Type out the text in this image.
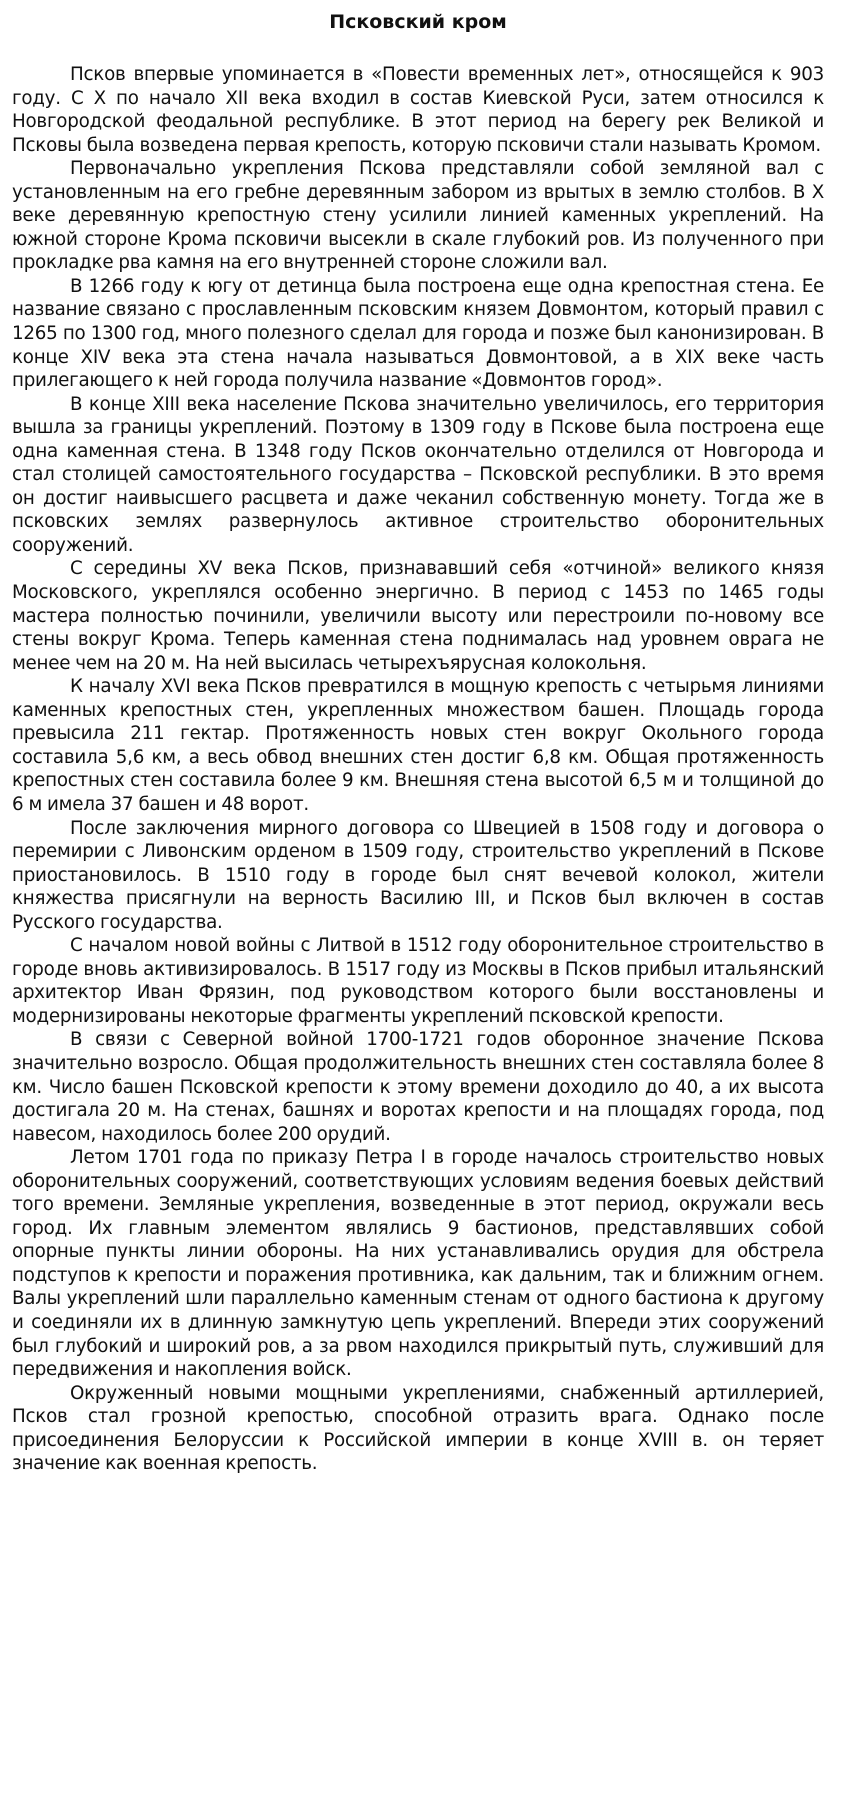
Псковский кром

Псков впервые упоминается в «Повести временных лет», относящейся к 903 году. С X по начало XII века входил в состав Киевской Руси, затем относился к Новгородской феодальной республике. В этот период на берегу рек Великой и Псковы была возведена первая крепость, которую псковичи стали называть Кромом.

Первоначально укрепления Пскова представляли собой земляной вал с установленным на его гребне деревянным забором из врытых в землю столбов. В X веке деревянную крепостную стену усилили линией каменных укреплений. На южной стороне Крома псковичи высекли в скале глубокий ров. Из полученного при прокладке рва камня на его внутренней стороне сложили вал.

В 1266 году к югу от детинца была построена еще одна крепостная стена. Ее название связано с прославленным псковским князем Довмонтом, который правил с 1265 по 1300 год, много полезного сделал для города и позже был канонизирован. В конце XIV века эта стена начала называться Довмонтовой, а в XIX веке часть прилегающего к ней города получила название «Довмонтов город».

В конце XIII века население Пскова значительно увеличилось, его территория вышла за границы укреплений. Поэтому в 1309 году в Пскове была построена еще одна каменная стена. В 1348 году Псков окончательно отделился от Новгорода и стал столицей самостоятельного государства – Псковской республики. В это время он достиг наивысшего расцвета и даже чеканил собственную монету. Тогда же в псковских землях развернулось активное строительство оборонительных сооружений.

С середины XV века Псков, признававший себя «отчиной» великого князя Московского, укреплялся особенно энергично. В период с 1453 по 1465 годы мастера полностью починили, увеличили высоту или перестроили по-новому все стены вокруг Крома. Теперь каменная стена поднималась над уровнем оврага не менее чем на 20 м. На ней высилась четырехъярусная колокольня.

К началу XVI века Псков превратился в мощную крепость с четырьмя линиями каменных крепостных стен, укрепленных множеством башен. Площадь города превысила 211 гектар. Протяженность новых стен вокруг Окольного города составила 5,6 км, а весь обвод внешних стен достиг 6,8 км. Общая протяженность крепостных стен составила более 9 км. Внешняя стена высотой 6,5 м и толщиной до 6 м имела 37 башен и 48 ворот.

После заключения мирного договора со Швецией в 1508 году и договора о перемирии с Ливонским орденом в 1509 году, строительство укреплений в Пскове приостановилось. В 1510 году в городе был снят вечевой колокол, жители княжества присягнули на верность Василию III, и Псков был включен в состав Русского государства.

С началом новой войны с Литвой в 1512 году оборонительное строительство в городе вновь активизировалось. В 1517 году из Москвы в Псков прибыл итальянский архитектор Иван Фрязин, под руководством которого были восстановлены и модернизированы некоторые фрагменты укреплений псковской крепости.

В связи с Северной войной 1700-1721 годов оборонное значение Пскова значительно возросло. Общая продолжительность внешних стен составляла более 8 км. Число башен Псковской крепости к этому времени доходило до 40, а их высота достигала 20 м. На стенах, башнях и воротах крепости и на площадях города, под навесом, находилось более 200 орудий.

Летом 1701 года по приказу Петра I в городе началось строительство новых оборонительных сооружений, соответствующих условиям ведения боевых действий того времени. Земляные укрепления, возведенные в этот период, окружали весь город. Их главным элементом являлись 9 бастионов, представлявших собой опорные пункты линии обороны. На них устанавливались орудия для обстрела подступов к крепости и поражения противника, как дальним, так и ближним огнем. Валы укреплений шли параллельно каменным стенам от одного бастиона к другому и соединяли их в длинную замкнутую цепь укреплений. Впереди этих сооружений был глубокий и широкий ров, а за рвом находился прикрытый путь, служивший для передвижения и накопления войск.

Окруженный новыми мощными укреплениями, снабженный артиллерией, Псков стал грозной крепостью, способной отразить врага. Однако после присоединения Белоруссии к Российской империи в конце XVIII в. он теряет значение как военная крепость.
